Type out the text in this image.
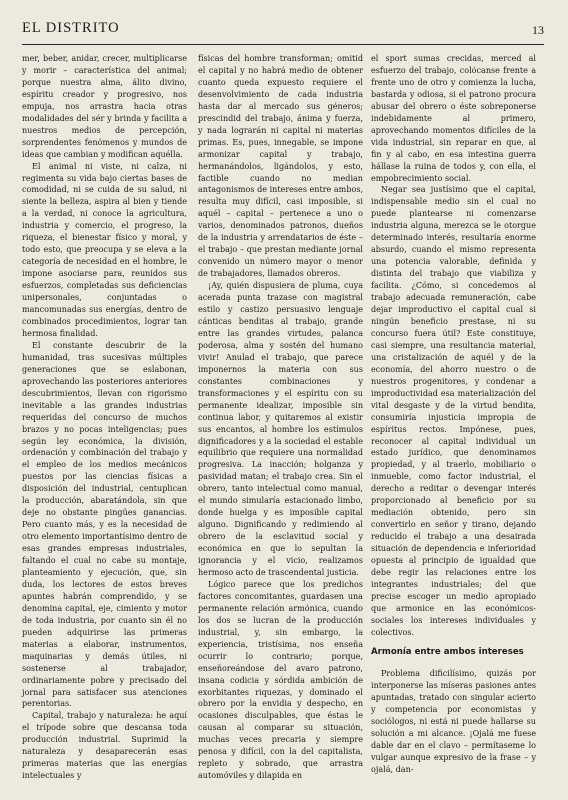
EL DISTRITO	13

mer, beber, anidar, crecer, multiplicarse y morir – característica del animal; porque nuestra alma, álito divino, espíritu creador y progresivo, nos empuja, nos arrastra hacia otras modalidades del sér y brinda y facilita a nuestros medios de percepción, sorprendentes fenómenos y mundos de ideas que cambian y modifican aquélla.

El animal ni viste, ni calza, ni regimenta su vida bajo ciertas bases de comodidad, ni se cuida de su salud, ni siente la belleza, aspira al bien y tiende a la verdad, ni conoce la agricultura, industria y comercio, el progreso, la riqueza, el bienestar físico y moral, y todo esto, que preocupa y se eleva a la categoría de necesidad en el hombre, le impone asociarse para, reunidos sus esfuerzos, completadas sus deficiencias unipersonales, conjuntadas o mancomunadas sus energías, dentro de combinados procedimientos, lograr tan hermosa finalidad.

El constante descubrir de la humanidad, tras sucesivas múltiples generaciones que se eslabonan, aprovechando las posteriores anteriores descubrimientos, llevan con rigorismo inevitable a las grandes industrias requeridas del concurso de muchos brazos y no pocas inteligencias; pues según ley económica, la división, ordenación y combinación del trabajo y el empleo de los medios mecánicos puestos por las ciencias físicas a disposición del industrial, centuplican la producción, abaratándola, sin que deje no obstante pingües ganancias. Pero cuanto más, y es la necesidad de otro elemento importantísimo dentro de esas grandes empresas industriales, faltando el cual no cabe su montaje, planteamiento y ejecución, que, sin duda, los lectores de estos breves apuntes habrán comprendido, y se denomina capital, eje, cimiento y motor de toda industria, por cuanto sin él no pueden adquirirse las primeras materias a elaborar, instrumentos, maquinarias y demás útiles, ni sostenerse al trabajador, ordinariamente pobre y precisado del jornal para satisfacer sus atenciones perentorias.

Capital, trabajo y naturaleza: he aquí el trípode sobre que descansa toda producción industrial. Suprimid la naturaleza y desaparecerán esas primeras materias que las energías intelectuales y

físicas del hombre transforman; omitid el capital y no habrá medio de obtener cuanto queda expuesto requiere el desenvolvimiento de cada industria hasta dar al mercado sus géneros; prescindid del trabajo, ánima y fuerza, y nada lograrán ni capital ni materias primas. Es, pues, innegable, se impone armonizar capital y trabajo, hermanándolos, ligándolos, y esto, factible cuando no median antagonismos de intereses entre ambos, resulta muy difícil, casi imposible, si aquél – capital – pertenece a uno o varios, denominados patronos, dueños de la industria y arrendatarios de éste – el trabajo – que prestan mediante jornal convenido un número mayor o menor de trabajadores, llamados obreros.

¡Ay, quién dispusiera de pluma, cuya acerada punta trazase con magistral estilo y castizo persuasivo lenguaje cánticas benditas al trabajo, grande entre las grandes virtudes, palanca poderosa, alma y sostén del humano vivir! Anulad el trabajo, que parece imponernos la materia con sus constantes combinaciones y transformaciones y el espíritu con su permanente idealizar, imposible sin continua labor, y quitaremos al existir sus encantos, al hombre los estímulos dignificadores y a la sociedad el estable equilibrio que requiere una normalidad progresiva. La inacción; holganza y pasividad matan; el trabajo crea. Sin el obrero, tanto intelectual como manual, el mundo simularía estacionado limbo, donde huelga y es imposible capital alguno. Dignificando y redimiendo al obrero de la esclavitud social y económica en que lo sepultan la ignorancia y el vicio, realizamos hermoso acto de trascendental justicia.

Lógico parece que los predichos factores concomitantes, guardasen una permanente relación armónica, cuando los dos se lucran de la producción industrial, y, sin embargo, la experiencia, tristísima, nos enseña ocurrir lo contrario; porque, enseñoreándose del avaro patrono, insana codicia y sórdida ambición de exorbitantes riquezas, y dominado el obrero por la envidia y despecho, en ocasiones disculpables, que éstas le causan al comparar su situación, muchas veces precaria y siempre penosa y difícil, con la del capitalista, repleto y sobrado, que arrastra automóviles y dilapida en

el sport sumas crecidas, merced al esfuerzo del trabajo, colócanse frente a frente uno de otro y comienza la lucha, bastarda y odiosa, si el patrono procura abusar del obrero o éste sobreponerse indebidamente al primero, aprovechando momentos difíciles de la vida industrial, sin reparar en que, al fin y al cabo, en esa intestina guerra hállase la ruina de todos y, con ella, el empobrecimiento social.

Negar sea justísimo que el capital, indispensable medio sin el cual no puede plantearse ni comenzarse industria alguna, merezca se le otorgue determinado interés, resultaría enorme absurdo, cuando el mismo representa una potencia valorable, definida y distinta del trabajo que viabiliza y facilita. ¿Cómo, si concedemos al trabajo adecuada remuneración, cabe dejar improductivo el capital cual si ningún beneficio prestase, ni su concurso fuera útil? Este constituye, casi siempre, una resultancia material, una cristalización de aquél y de la economía, del ahorro nuestro o de nuestros progenitores, y condenar a improductividad esa materialización del vital desgaste y de la virtud bendita, consumiría injusticia impropia de espíritus rectos. Impónese, pues, reconocer al capital individual un estado jurídico, que denominamos propiedad, y al traerlo, mobiliario o inmueble, como factor industrial, el derecho a reditar o devengar interés proporcionado al beneficio por su mediación obtenido, pero sin convertirlo en señor y tirano, dejando reducido el trabajo a una desairada situación de dependencia e inferioridad opuesta al principio de igualdad que debe regir las relaciones entre los integrantes industriales; del que precise escoger un medio apropiado que armonice en las económicos-sociales los intereses individuales y colectivos.

Armonía entre ambos intereses

Problema dificilísimo, quizás por interponerse las míseras pasiones antes apuntadas, tratado con singular acierto y competencia por economistas y sociólogos, ni está ni puede hallarse su solución a mi alcance. ¡Ojalá me fuese dable dar en el clavo – permítaseme lo vulgar aunque expresivo de la frase – y ojalá, dan-
